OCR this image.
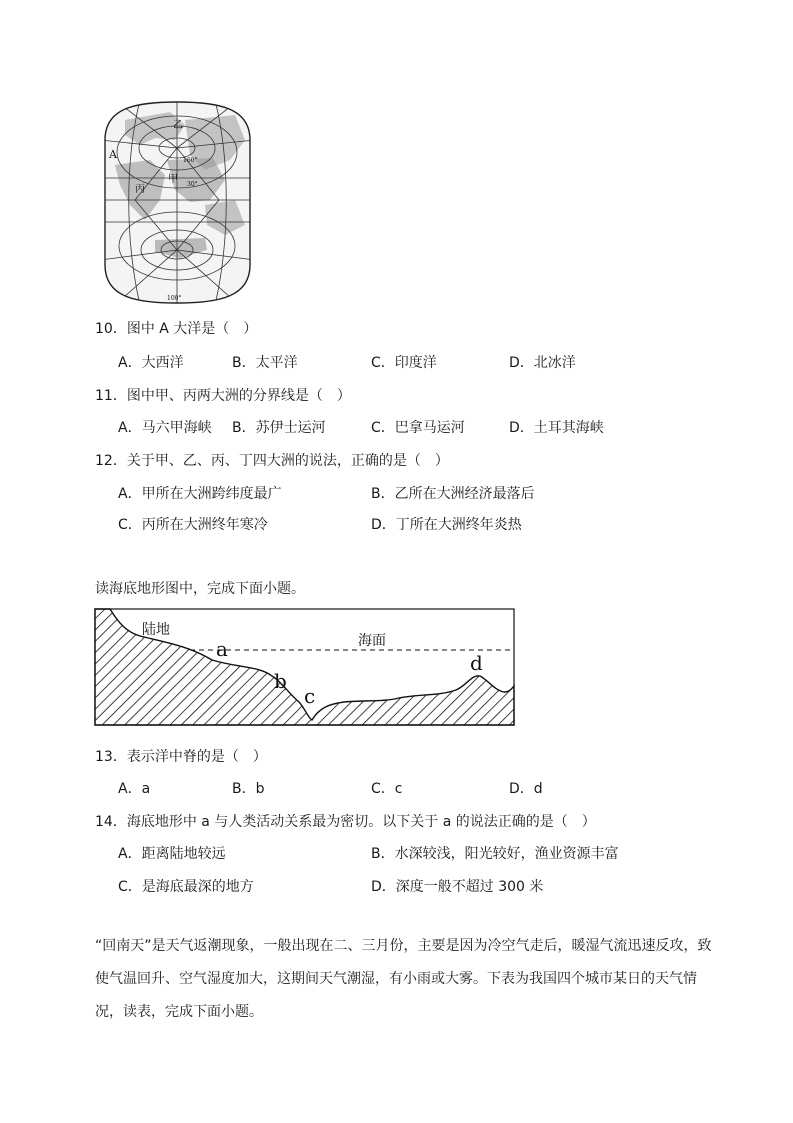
A
乙
甲
丙	30°
160°
100°
10．图中 A 大洋是（　）
A．大西洋	B．太平洋	C．印度洋	D．北冰洋
11．图中甲、丙两大洲的分界线是（　）
A．马六甲海峡 B．苏伊士运河	C．巴拿马运河	D．土耳其海峡
12．关于甲、乙、丙、丁四大洲的说法，正确的是（　）
A．甲所在大洲跨纬度最广	B．乙所在大洲经济最落后
C．丙所在大洲终年寒冷	D．丁所在大洲终年炎热
读海底地形图中，完成下面小题。
陆地
海面
a
b
c
d
13．表示洋中脊的是（　）
A．a	B．b	C．c	D．d
14．海底地形中 a 与人类活动关系最为密切。以下关于 a 的说法正确的是（　）
A．距离陆地较远	B．水深较浅，阳光较好，渔业资源丰富
C．是海底最深的地方	D．深度一般不超过 300 米
“回南天”是天气返潮现象，一般出现在二、三月份，主要是因为冷空气走后，暖湿气流迅速反攻，致使气温回升、空气湿度加大，这期间天气潮湿，有小雨或大雾。下表为我国四个城市某日的天气情况，读表，完成下面小题。
